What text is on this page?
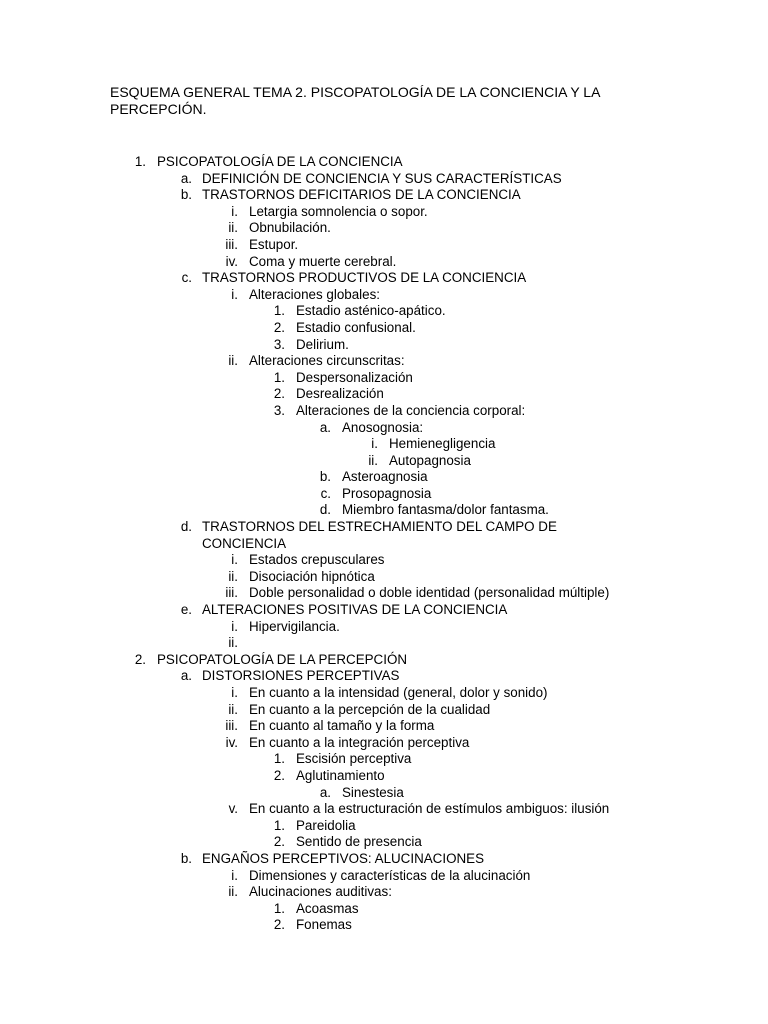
ESQUEMA GENERAL TEMA 2. PISCOPATOLOGÍA DE LA CONCIENCIA Y LA PERCEPCIÓN.

1. PSICOPATOLOGÍA DE LA CONCIENCIA
a. DEFINICIÓN DE CONCIENCIA Y SUS CARACTERÍSTICAS
b. TRASTORNOS DEFICITARIOS DE LA CONCIENCIA
i. Letargia somnolencia o sopor.
ii. Obnubilación.
iii. Estupor.
iv. Coma y muerte cerebral.
c. TRASTORNOS PRODUCTIVOS DE LA CONCIENCIA
i. Alteraciones globales:
1. Estadio asténico-apático.
2. Estadio confusional.
3. Delirium.
ii. Alteraciones circunscritas:
1. Despersonalización
2. Desrealización
3. Alteraciones de la conciencia corporal:
a. Anosognosia:
i. Hemienegligencia
ii. Autopagnosia
b. Asteroagnosia
c. Prosopagnosia
d. Miembro fantasma/dolor fantasma.
d. TRASTORNOS DEL ESTRECHAMIENTO DEL CAMPO DE CONCIENCIA
i. Estados crepusculares
ii. Disociación hipnótica
iii. Doble personalidad o doble identidad (personalidad múltiple)
e. ALTERACIONES POSITIVAS DE LA CONCIENCIA
i. Hipervigilancia.
ii.
2. PSICOPATOLOGÍA DE LA PERCEPCIÓN
a. DISTORSIONES PERCEPTIVAS
i. En cuanto a la intensidad (general, dolor y sonido)
ii. En cuanto a la percepción de la cualidad
iii. En cuanto al tamaño y la forma
iv. En cuanto a la integración perceptiva
1. Escisión perceptiva
2. Aglutinamiento
a. Sinestesia
v. En cuanto a la estructuración de estímulos ambiguos: ilusión
1. Pareidolia
2. Sentido de presencia
b. ENGAÑOS PERCEPTIVOS: ALUCINACIONES
i. Dimensiones y características de la alucinación
ii. Alucinaciones auditivas:
1. Acoasmas
2. Fonemas
